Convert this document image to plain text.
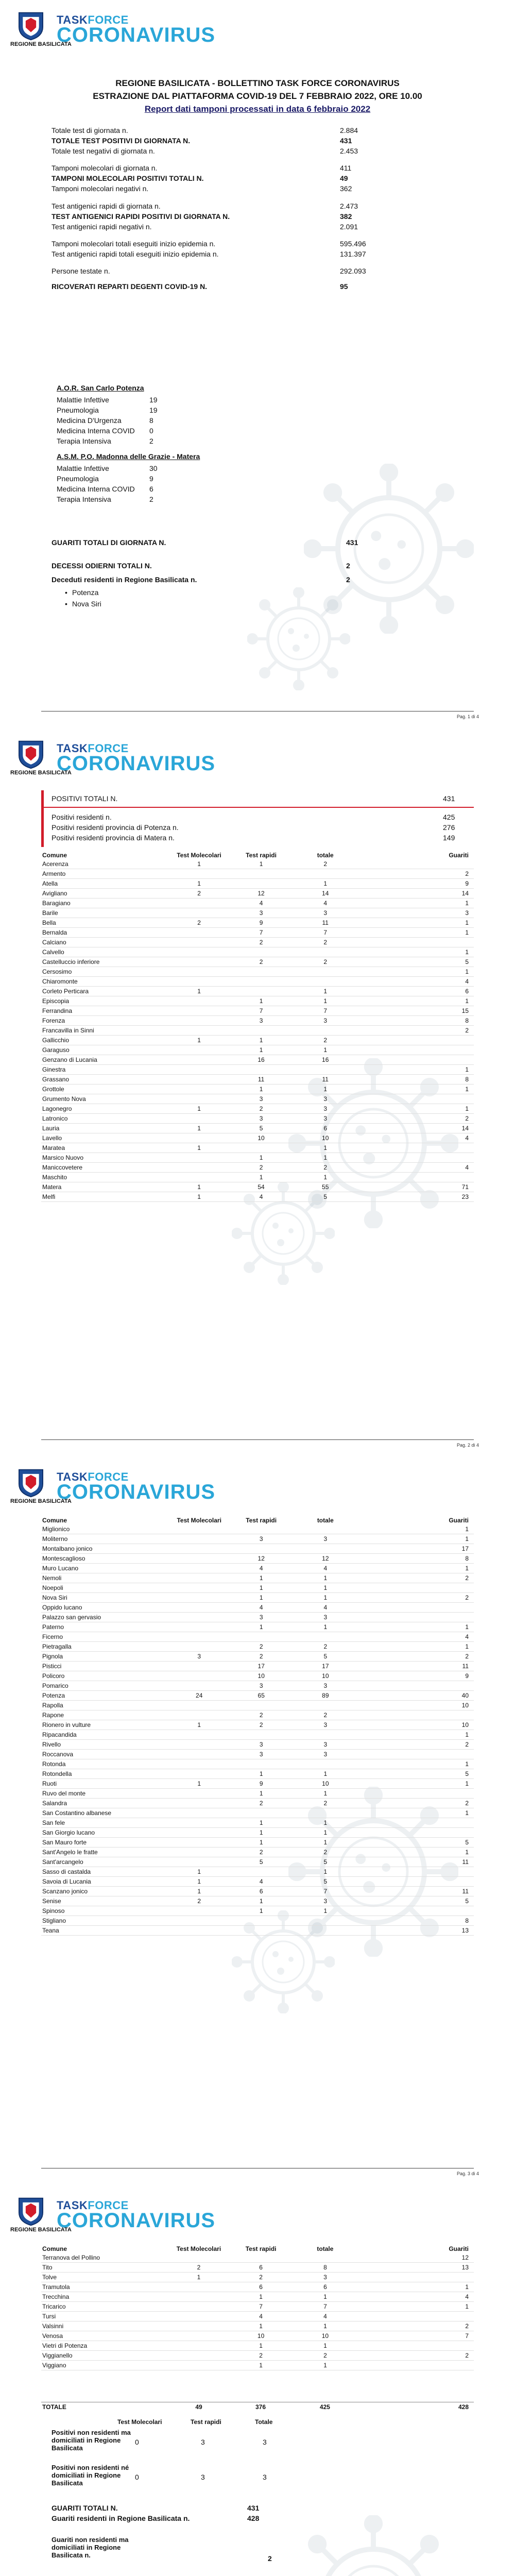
REGIONE BASILICATA
TASKFORCE
CORONAVIRUS
REGIONE BASILICATA - BOLLETTINO TASK FORCE CORONAVIRUS
ESTRAZIONE DAL PIATTAFORMA COVID-19 DEL 7 FEBBRAIO 2022, ORE 10.00
Report dati tamponi processati in data 6 febbraio 2022
Totale test di giornata n.	2.884
TOTALE TEST POSITIVI DI GIORNATA N.	431
Totale test negativi di giornata n.	2.453
Tamponi molecolari di giornata n.	411
TAMPONI MOLECOLARI POSITIVI TOTALI N.	49
Tamponi molecolari negativi n.	362
Test antigenici rapidi di giornata n.	2.473
TEST ANTIGENICI RAPIDI POSITIVI DI GIORNATA N.	382
Test antigenici rapidi negativi n.	2.091
Tamponi molecolari totali eseguiti inizio epidemia n.	595.496
Test antigenici rapidi totali eseguiti inizio epidemia n.	131.397
Persone testate n.	292.093
RICOVERATI REPARTI DEGENTI COVID-19 N.	95
A.O.R. San Carlo Potenza
Malattie Infettive	19
Pneumologia	19
Medicina D'Urgenza	8
Medicina Interna COVID 0
Terapia Intensiva	2
A.S.M. P.O. Madonna delle Grazie - Matera
Malattie Infettive	30
Pneumologia	9
Medicina Interna COVID 6
Terapia Intensiva	2
GUARITI TOTALI DI GIORNATA N.	431
DECESSI ODIERNI TOTALI N.	2
Deceduti residenti in Regione Basilicata n.	2
• Potenza
• Nova Siri
Pag. 1 di 4
REGIONE BASILICATA
TASKFORCE
CORONAVIRUS
POSITIVI TOTALI N.	431
Positivi residenti n.	425
Positivi residenti provincia di Potenza n.	276
Positivi residenti provincia di Matera n.	149
Comune	Test Molecolari	Test rapidi	totale	Guariti
Acerenza	1	1	2	
Armento				2
Atella	1		1	9
Avigliano	2	12	14	14
Baragiano		4	4	1
Barile		3	3	3
Bella	2	9	11	1
Bernalda		7	7	1
Calciano		2	2	
Calvello				1
Castelluccio inferiore		2	2	5
Cersosimo				1
Chiaromonte				4
Corleto Perticara	1		1	6
Episcopia		1	1	1
Ferrandina		7	7	15
Forenza		3	3	8
Francavilla in Sinni				2
Gallicchio	1	1	2	
Garaguso		1	1	
Genzano di Lucania		16	16	
Ginestra				1
Grassano		11	11	8
Grottole		1	1	1
Grumento Nova		3	3	
Lagonegro	1	2	3	1
Latronico		3	3	2
Lauria	1	5	6	14
Lavello		10	10	4
Maratea	1		1	
Marsico Nuovo		1	1	
Maniccovetere		2	2	4
Maschito		1	1	
Matera	1	54	55	71
Melfi	1	4	5	23
Pag. 2 di 4
REGIONE BASILICATA
TASKFORCE
CORONAVIRUS
Comune	Test Molecolari	Test rapidi	totale	Guariti
Miglionico				1
Moliterno		3	3	1
Montalbano jonico				17
Montescaglioso		12	12	8
Muro Lucano		4	4	1
Nemoli		1	1	2
Noepoli		1	1	
Nova Siri		1	1	2
Oppido lucano		4	4	
Palazzo san gervasio		3	3	
Paterno		1	1	1
Ficerno				4
Pietragalla		2	2	1
Pignola	3	2	5	2
Pisticci		17	17	11
Policoro		10	10	9
Pomarico		3	3	
Potenza	24	65	89	40
Rapolla				10
Rapone		2	2	
Rionero in vulture	1	2	3	10
Ripacandida				1
Rivello		3	3	2
Roccanova		3	3	
Rotonda				1
Rotondella		1	1	5
Ruoti	1	9	10	1
Ruvo del monte		1	1	
Salandra		2	2	2
San Costantino albanese				1
San fele		1	1	
San Giorgio lucano		1	1	
San Mauro forte		1	1	5
Sant'Angelo le fratte		2	2	1
Sant'arcangelo		5	5	11
Sasso di castalda	1		1	
Savoia di Lucania	1	4	5	
Scanzano jonico	1	6	7	11
Senise	2	1	3	5
Spinoso		1	1	
Stigliano				8
Teana				13
Pag. 3 di 4
REGIONE BASILICATA
TASKFORCE
CORONAVIRUS
Comune	Test Molecolari	Test rapidi	totale	Guariti
Terranova del Pollino				12
Tito	2	6	8	13
Tolve	1	2	3	
Tramutola		6	6	1
Trecchina		1	1	4
Tricarico		7	7	1
Tursi		4	4	
Valsinni		1	1	2
Venosa		10	10	7
Vietri di Potenza		1	1	
Viggianello		2	2	2
Viggiano		1	1	
TOTALE	49	376	425	428
Test Molecolari	Test rapidi	Totale
Positivi non residenti ma domiciliati in Regione Basilicata
0	3	3
Positivi non residenti né domiciliati in Regione Basilicata
0	3	3
GUARITI TOTALI N.	431
Guariti residenti in Regione Basilicata n.	428
Guariti non residenti ma domiciliati in Regione Basilicata n.	2
